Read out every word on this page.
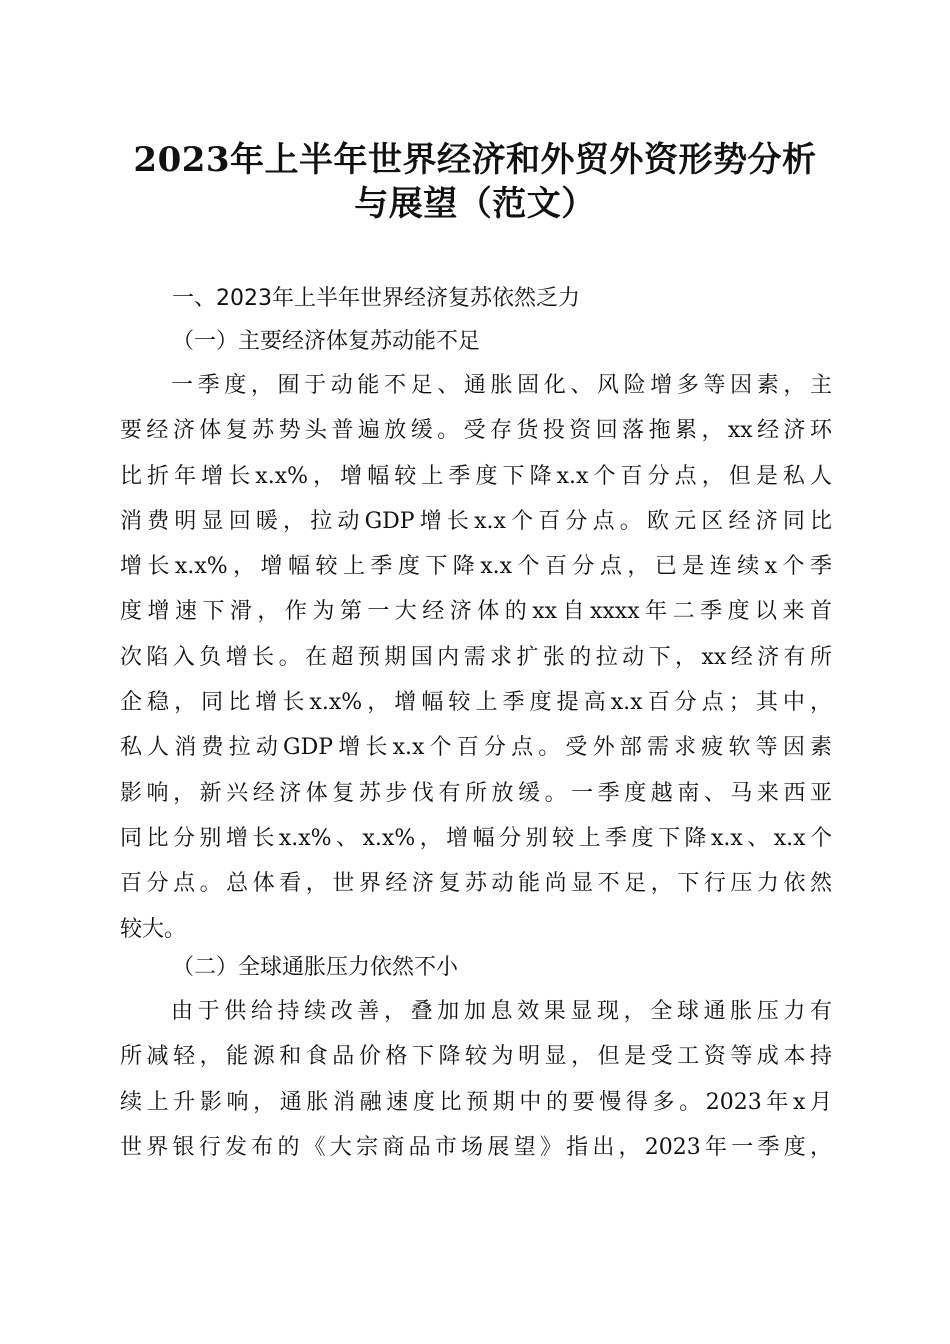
2023年上半年世界经济和外贸外资形势分析
与展望（范文）
一、2023年上半年世界经济复苏依然乏力
（一）主要经济体复苏动能不足
一季度，囿于动能不足、通胀固化、风险增多等因素，主
要经济体复苏势头普遍放缓。受存货投资回落拖累，xx经济环
比折年增长x.x%，增幅较上季度下降x.x个百分点，但是私人
消费明显回暖，拉动GDP增长x.x个百分点。欧元区经济同比
增长x.x%，增幅较上季度下降x.x个百分点，已是连续x个季
度增速下滑，作为第一大经济体的xx自xxxx年二季度以来首
次陷入负增长。在超预期国内需求扩张的拉动下，xx经济有所
企稳，同比增长x.x%，增幅较上季度提高x.x百分点；其中，
私人消费拉动GDP增长x.x个百分点。受外部需求疲软等因素
影响，新兴经济体复苏步伐有所放缓。一季度越南、马来西亚
同比分别增长x.x%、x.x%，增幅分别较上季度下降x.x、x.x个
百分点。总体看，世界经济复苏动能尚显不足，下行压力依然
较大。
（二）全球通胀压力依然不小
由于供给持续改善，叠加加息效果显现，全球通胀压力有
所减轻，能源和食品价格下降较为明显，但是受工资等成本持
续上升影响，通胀消融速度比预期中的要慢得多。2023年x月
世界银行发布的《大宗商品市场展望》指出，2023年一季度，
